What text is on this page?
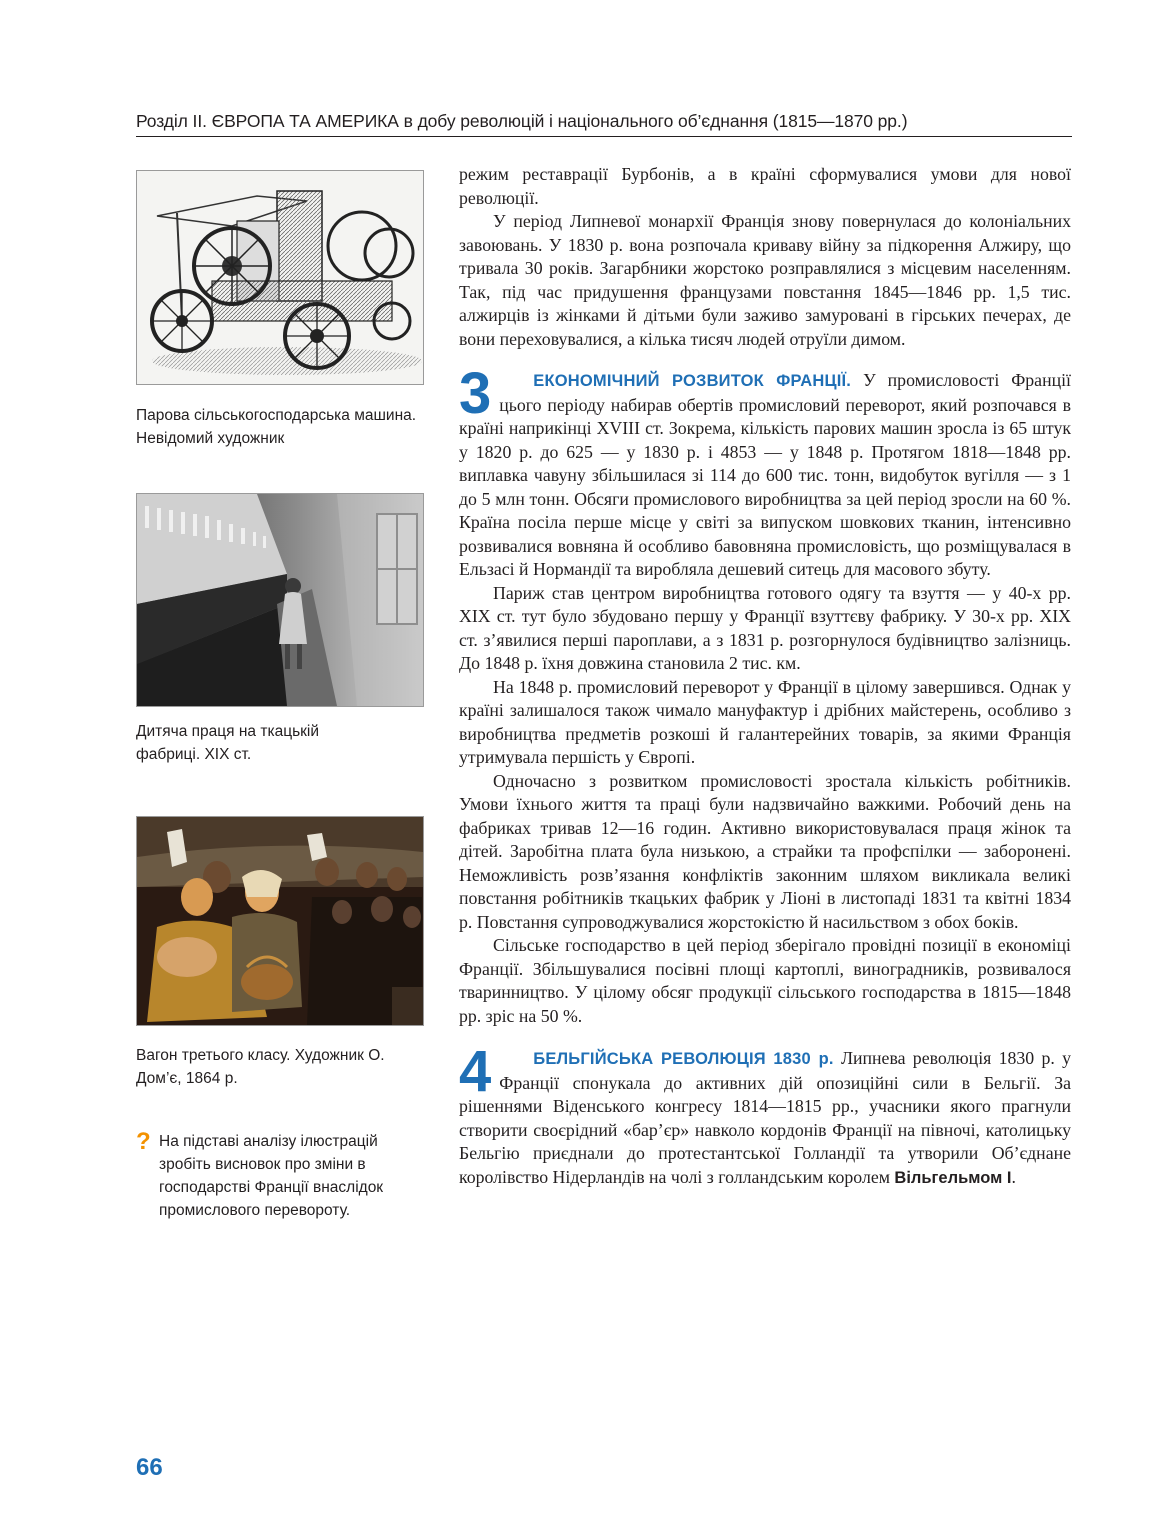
Розділ ІІ. ЄВРОПА ТА АМЕРИКА в добу революцій і національного об’єднання (1815—1870 рр.)
Парова сільськогосподарська машина. Невідомий художник
Дитяча праця на ткацькій фабриці. ХІХ ст.
Вагон третього класу. Художник О. Дом’є, 1864 р.
? На підставі аналізу ілюстрацій зробіть висновок про зміни в господарстві Франції внаслідок промислового перевороту.

режим реставрації Бурбонів, а в країні сформувалися умови для нової революції.

У період Липневої монархії Франція знову повернулася до колоніальних завоювань. У 1830 р. вона розпочала криваву війну за підкорення Алжиру, що тривала 30 років. Загарбники жорстоко розправлялися з місцевим населенням. Так, під час придушення французами повстання 1845—1846 рр. 1,5 тис. алжирців із жінками й дітьми були заживо замуровані в гірських печерах, де вони переховувалися, а кілька тисяч людей отруїли димом.

3	ЕКОНОМІЧНИЙ РОЗВИТОК ФРАНЦІЇ. У промисловості Франції цього періоду набирав обертів промисловий переворот, який розпочався в країні наприкінці XVIII ст. Зокрема, кількість парових машин зросла із 65 штук у 1820 р. до 625 — у 1830 р. і 4853 — у 1848 р. Протягом 1818—1848 рр. виплавка чавуну збільшилася зі 114 до 600 тис. тонн, видобуток вугілля — з 1 до 5 млн тонн. Обсяги промислового виробництва за цей період зросли на 60 %. Країна посіла перше місце у світі за випуском шовкових тканин, інтенсивно розвивалися вовняна й особливо бавовняна промисловість, що розміщувалася в Ельзасі й Нормандії та виробляла дешевий ситець для масового збуту.

Париж став центром виробництва готового одягу та взуття — у 40-х рр. XIX ст. тут було збудовано першу у Франції взуттєву фабрику. У 30-х рр. XIX ст. з’явилися перші пароплави, а з 1831 р. розгорнулося будівництво залізниць. До 1848 р. їхня довжина становила 2 тис. км.

На 1848 р. промисловий переворот у Франції в цілому завершився. Однак у країні залишалося також чимало мануфактур і дрібних майстерень, особливо з виробництва предметів розкоші й галантерейних товарів, за якими Франція утримувала першість у Європі.

Одночасно з розвитком промисловості зростала кількість робітників. Умови їхнього життя та праці були надзвичайно важкими. Робочий день на фабриках тривав 12—16 годин. Активно використовувалася праця жінок та дітей. Заробітна плата була низькою, а страйки та профспілки — заборонені. Неможливість розв’язання конфліктів законним шляхом викликала великі повстання робітників ткацьких фабрик у Ліоні в листопаді 1831 та квітні 1834 р. Повстання супроводжувалися жорстокістю й насильством з обох боків.

Сільське господарство в цей період зберігало провідні позиції в економіці Франції. Збільшувалися посівні площі картоплі, виноградників, розвивалося тваринництво. У цілому обсяг продукції сільського господарства в 1815—1848 рр. зріс на 50 %.

4	БЕЛЬГІЙСЬКА РЕВОЛЮЦІЯ 1830 р. Липнева революція 1830 р. у Франції спонукала до активних дій опозиційні сили в Бельгії. За рішеннями Віденського конгресу 1814—1815 рр., учасники якого прагнули створити своєрідний «бар’єр» навколо кордонів Франції на півночі, католицьку Бельгію приєднали до протестантської Голландії та утворили Об’єднане королівство Нідерландів на чолі з голландським королем Вільгельмом І.

66
